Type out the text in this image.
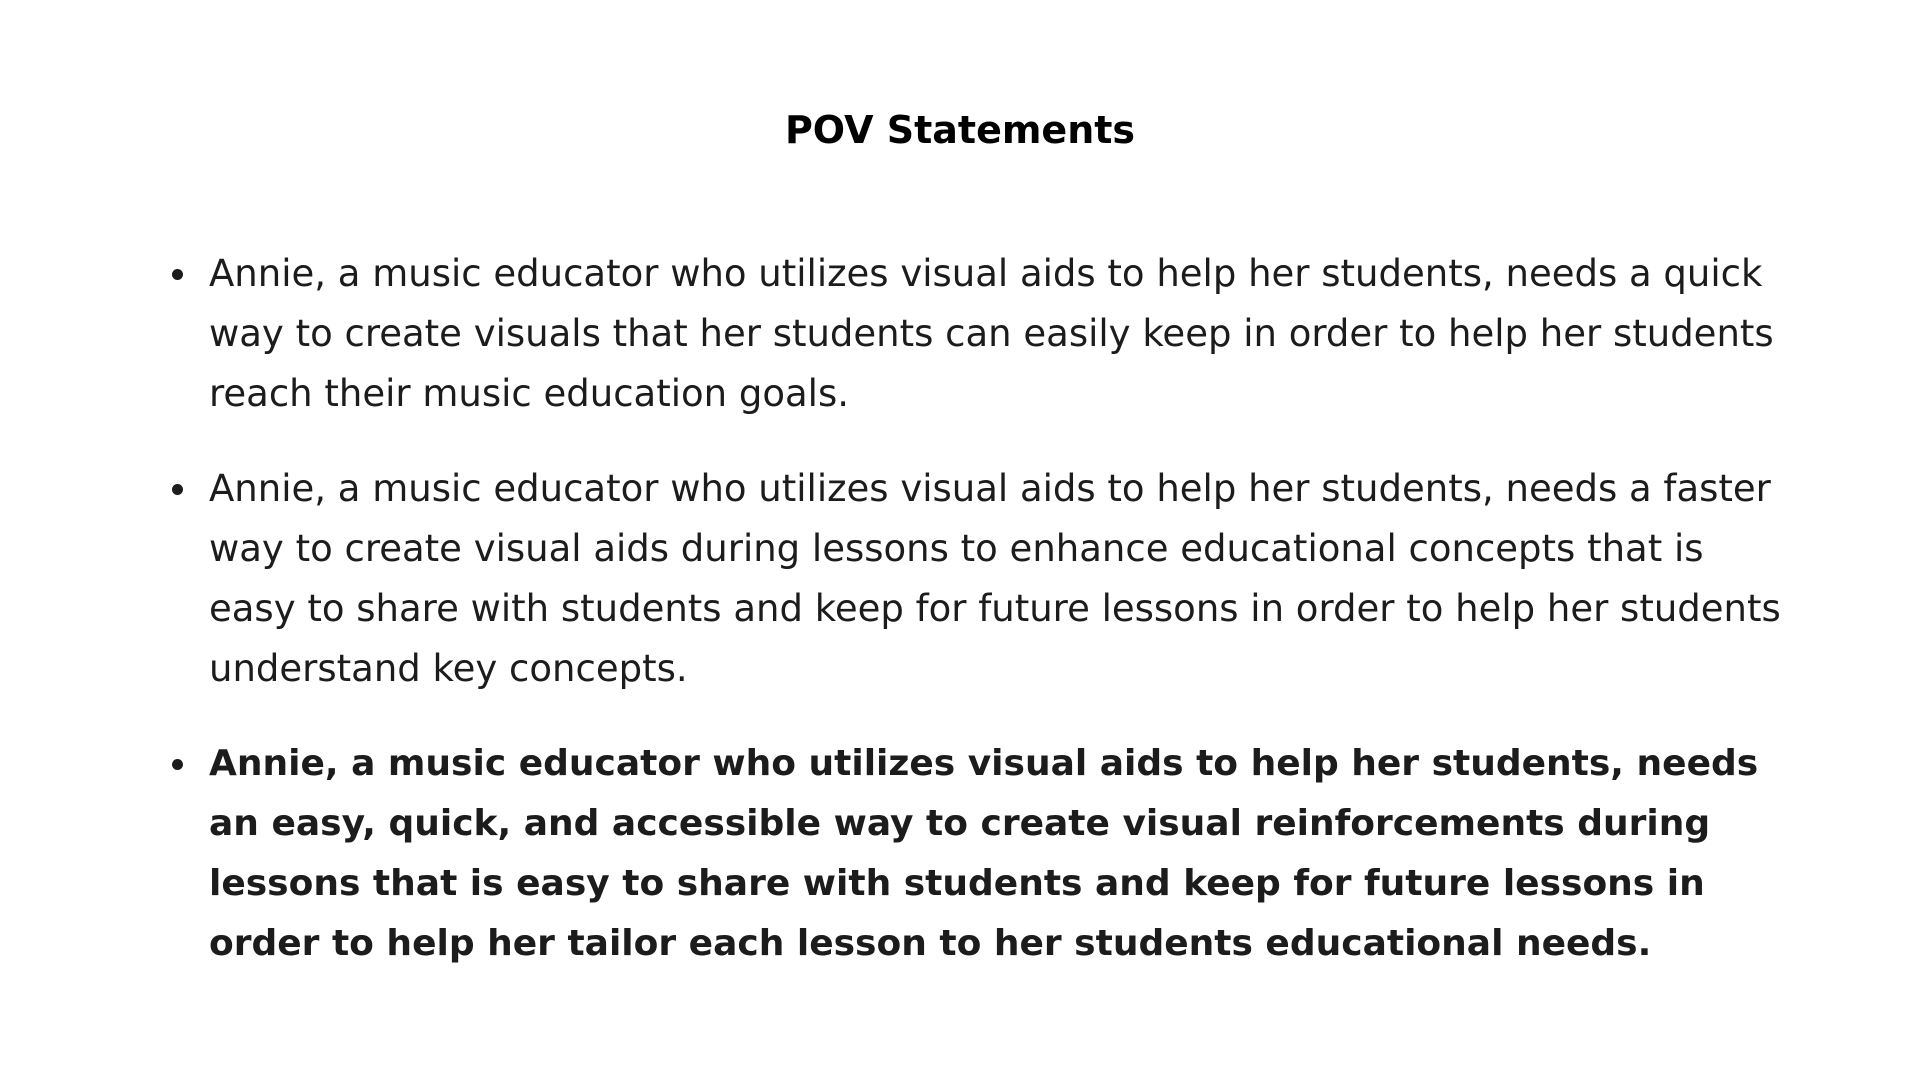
POV Statements
Annie, a music educator who utilizes visual aids to help her students, needs a quick way to create visuals that her students can easily keep in order to help her students reach their music education goals.
Annie, a music educator who utilizes visual aids to help her students, needs a faster way to create visual aids during lessons to enhance educational concepts that is easy to share with students and keep for future lessons in order to help her students understand key concepts.
Annie, a music educator who utilizes visual aids to help her students, needs an easy, quick, and accessible way to create visual reinforcements during lessons that is easy to share with students and keep for future lessons in order to help her tailor each lesson to her students educational needs.
